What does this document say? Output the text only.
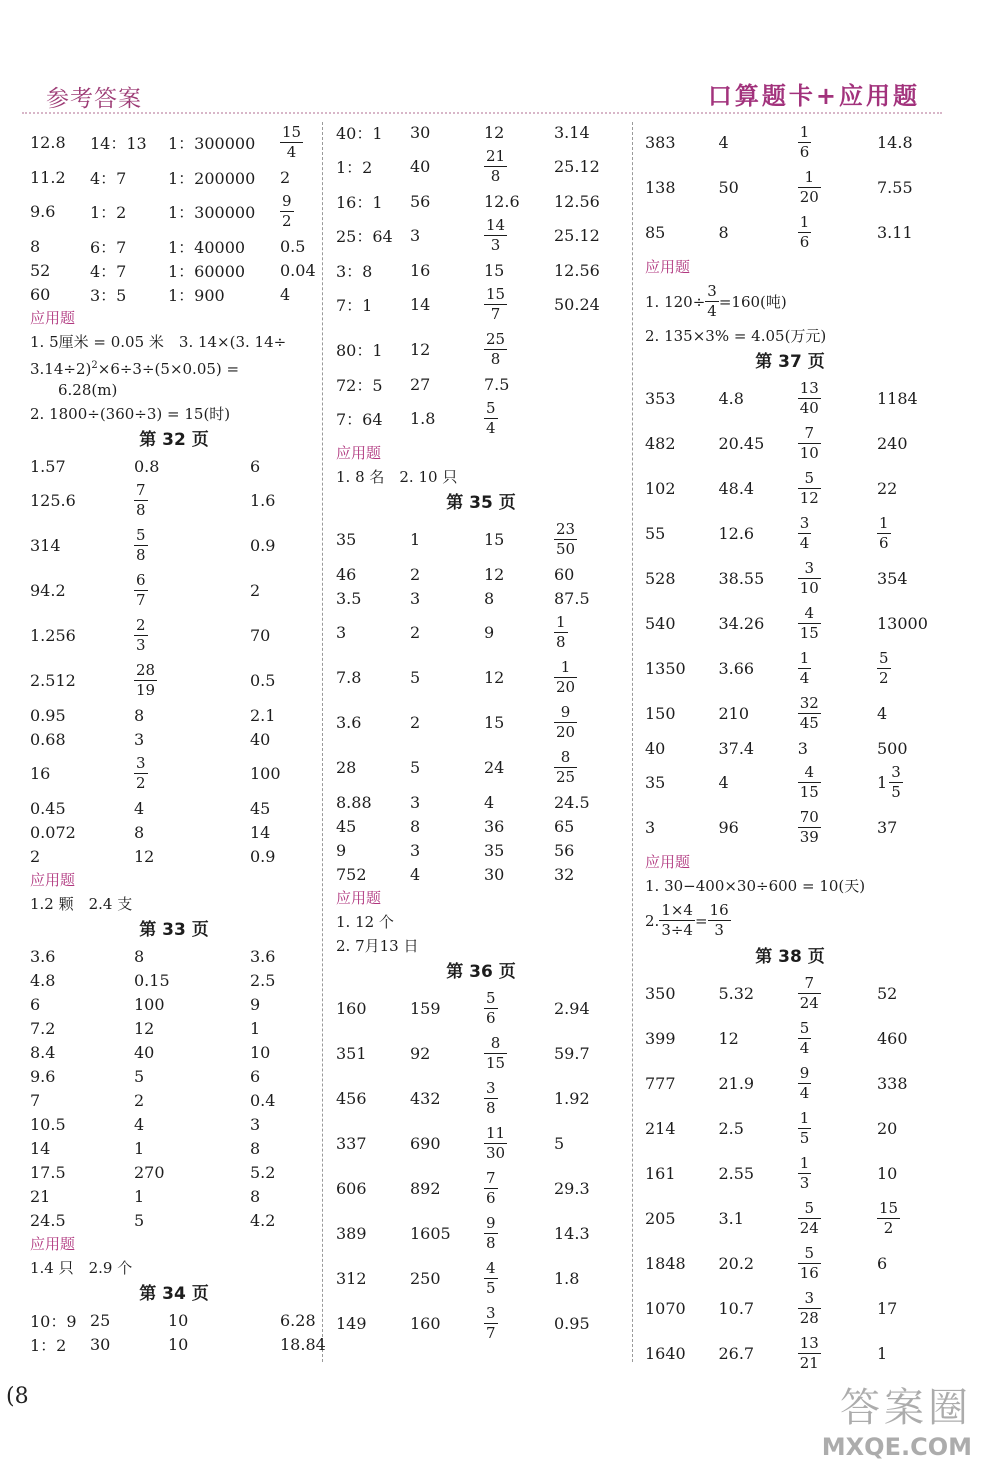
参考答案	口算题卡+应用题
12.8	14：13	1：300000	$\frac{15}{4}$
11.2	4：7	1：200000	2
9.6	1：2	1：300000	$\frac{9}{2}$
8	6：7	1：40000	0.5
52	4：7	1：60000	0.04
60	3：5	1：900	4
应用题
1. 5厘米 = 0.05 米　3. 14×(3. 14÷
3.14÷2)$^2$×6÷3÷(5×0.05) =
6.28(m)
2. 1800÷(360÷3) = 15(时)
第 32 页
1.57	0.8	6
125.6	$\frac{7}{8}$	1.6
314	$\frac{5}{8}$	0.9
94.2	$\frac{6}{7}$	2
1.256	$\frac{2}{3}$	70
2.512	$\frac{28}{19}$	0.5
0.95	8	2.1
0.68	3	40
16	$\frac{3}{2}$	100
0.45	4	45
0.072	8	14
2	12	0.9
应用题
1.2 颗　2.4 支
第 33 页
3.6	8	3.6
4.8	0.15	2.5
6	100	9
7.2	12	1
8.4	40	10
9.6	5	6
7	2	0.4
10.5	4	3
14	1	8
17.5	270	5.2
21	1	8
24.5	5	4.2
应用题
1.4 只　2.9 个
第 34 页
10：9 25	10	6.28
1：2	30	10	18.84
40：1	30	12	3.14
1：2	40	$\frac{21}{8}$	25.12
16：1	56	12.6	12.56
25：64	3	$\frac{14}{3}$	25.12
3：8	16	15	12.56
7：1	14	$\frac{15}{7}$	50.24
80：1	12	$\frac{25}{8}$
72：5	27	7.5
7：64	1.8	$\frac{5}{4}$
应用题
1. 8 名　2. 10 只
第 35 页
35	1	15	$\frac{23}{50}$
46	2	12	60
3.5	3	8	87.5
3	2	9	$\frac{1}{8}$
7.8	5	12	$\frac{1}{20}$
3.6	2	15	$\frac{9}{20}$
28	5	24	$\frac{8}{25}$
8.88	3	4	24.5
45	8	36	65
9	3	35	56
752	4	30	32
应用题
1. 12 个
2. 7月13 日
第 36 页
160	159	$\frac{5}{6}$	2.94
351	92	$\frac{8}{15}$	59.7
456	432	$\frac{3}{8}$	1.92
337	690	$\frac{11}{30}$	5
606	892	$\frac{7}{6}$	29.3
389	1605	$\frac{9}{8}$	14.3
312	250	$\frac{4}{5}$	1.8
149	160	$\frac{3}{7}$	0.95
383	4	$\frac{1}{6}$	14.8
138	50	$\frac{1}{20}$	7.55
85	8	$\frac{1}{6}$	3.11
应用题
1. $120\div \frac{3}{4} =160$(吨)
2. 135×3% = 4.05(万元)
第 37 页
353	4.8	$\frac{13}{40}$	1184
482	20.45	$\frac{7}{10}$	240
102	48.4	$\frac{5}{12}$	22
55	12.6	$\frac{3}{4}$	$\frac{1}{6}$
528	38.55	$\frac{3}{10}$	354
540	34.26	$\frac{4}{15}$	13000
1350	3.66	$\frac{1}{4}$	$\frac{5}{2}$
150	210	$\frac{32}{45}$	4
40	37.4	3	500
35	4	$\frac{4}{15}$	$1 \frac{3}{5}$
3	96	$\frac{70}{39}$	37
应用题
1. 30−400×30÷600 = 10(天)
2. $\frac{1\times 4}{3\div 4} = \frac{16}{3}$
第 38 页
350	5.32	$\frac{7}{24}$	52
399	12	$\frac{5}{4}$	460
777	21.9	$\frac{9}{4}$	338
214	2.5	$\frac{1}{5}$	20
161	2.55	$\frac{1}{3}$	10
205	3.1	$\frac{5}{24}$	$\frac{15}{2}$
1848	20.2	$\frac{5}{16}$	6
1070	10.7	$\frac{3}{28}$	17
1640	26.7	$\frac{13}{21}$	1
(8	答案圈
MXQE.COM
